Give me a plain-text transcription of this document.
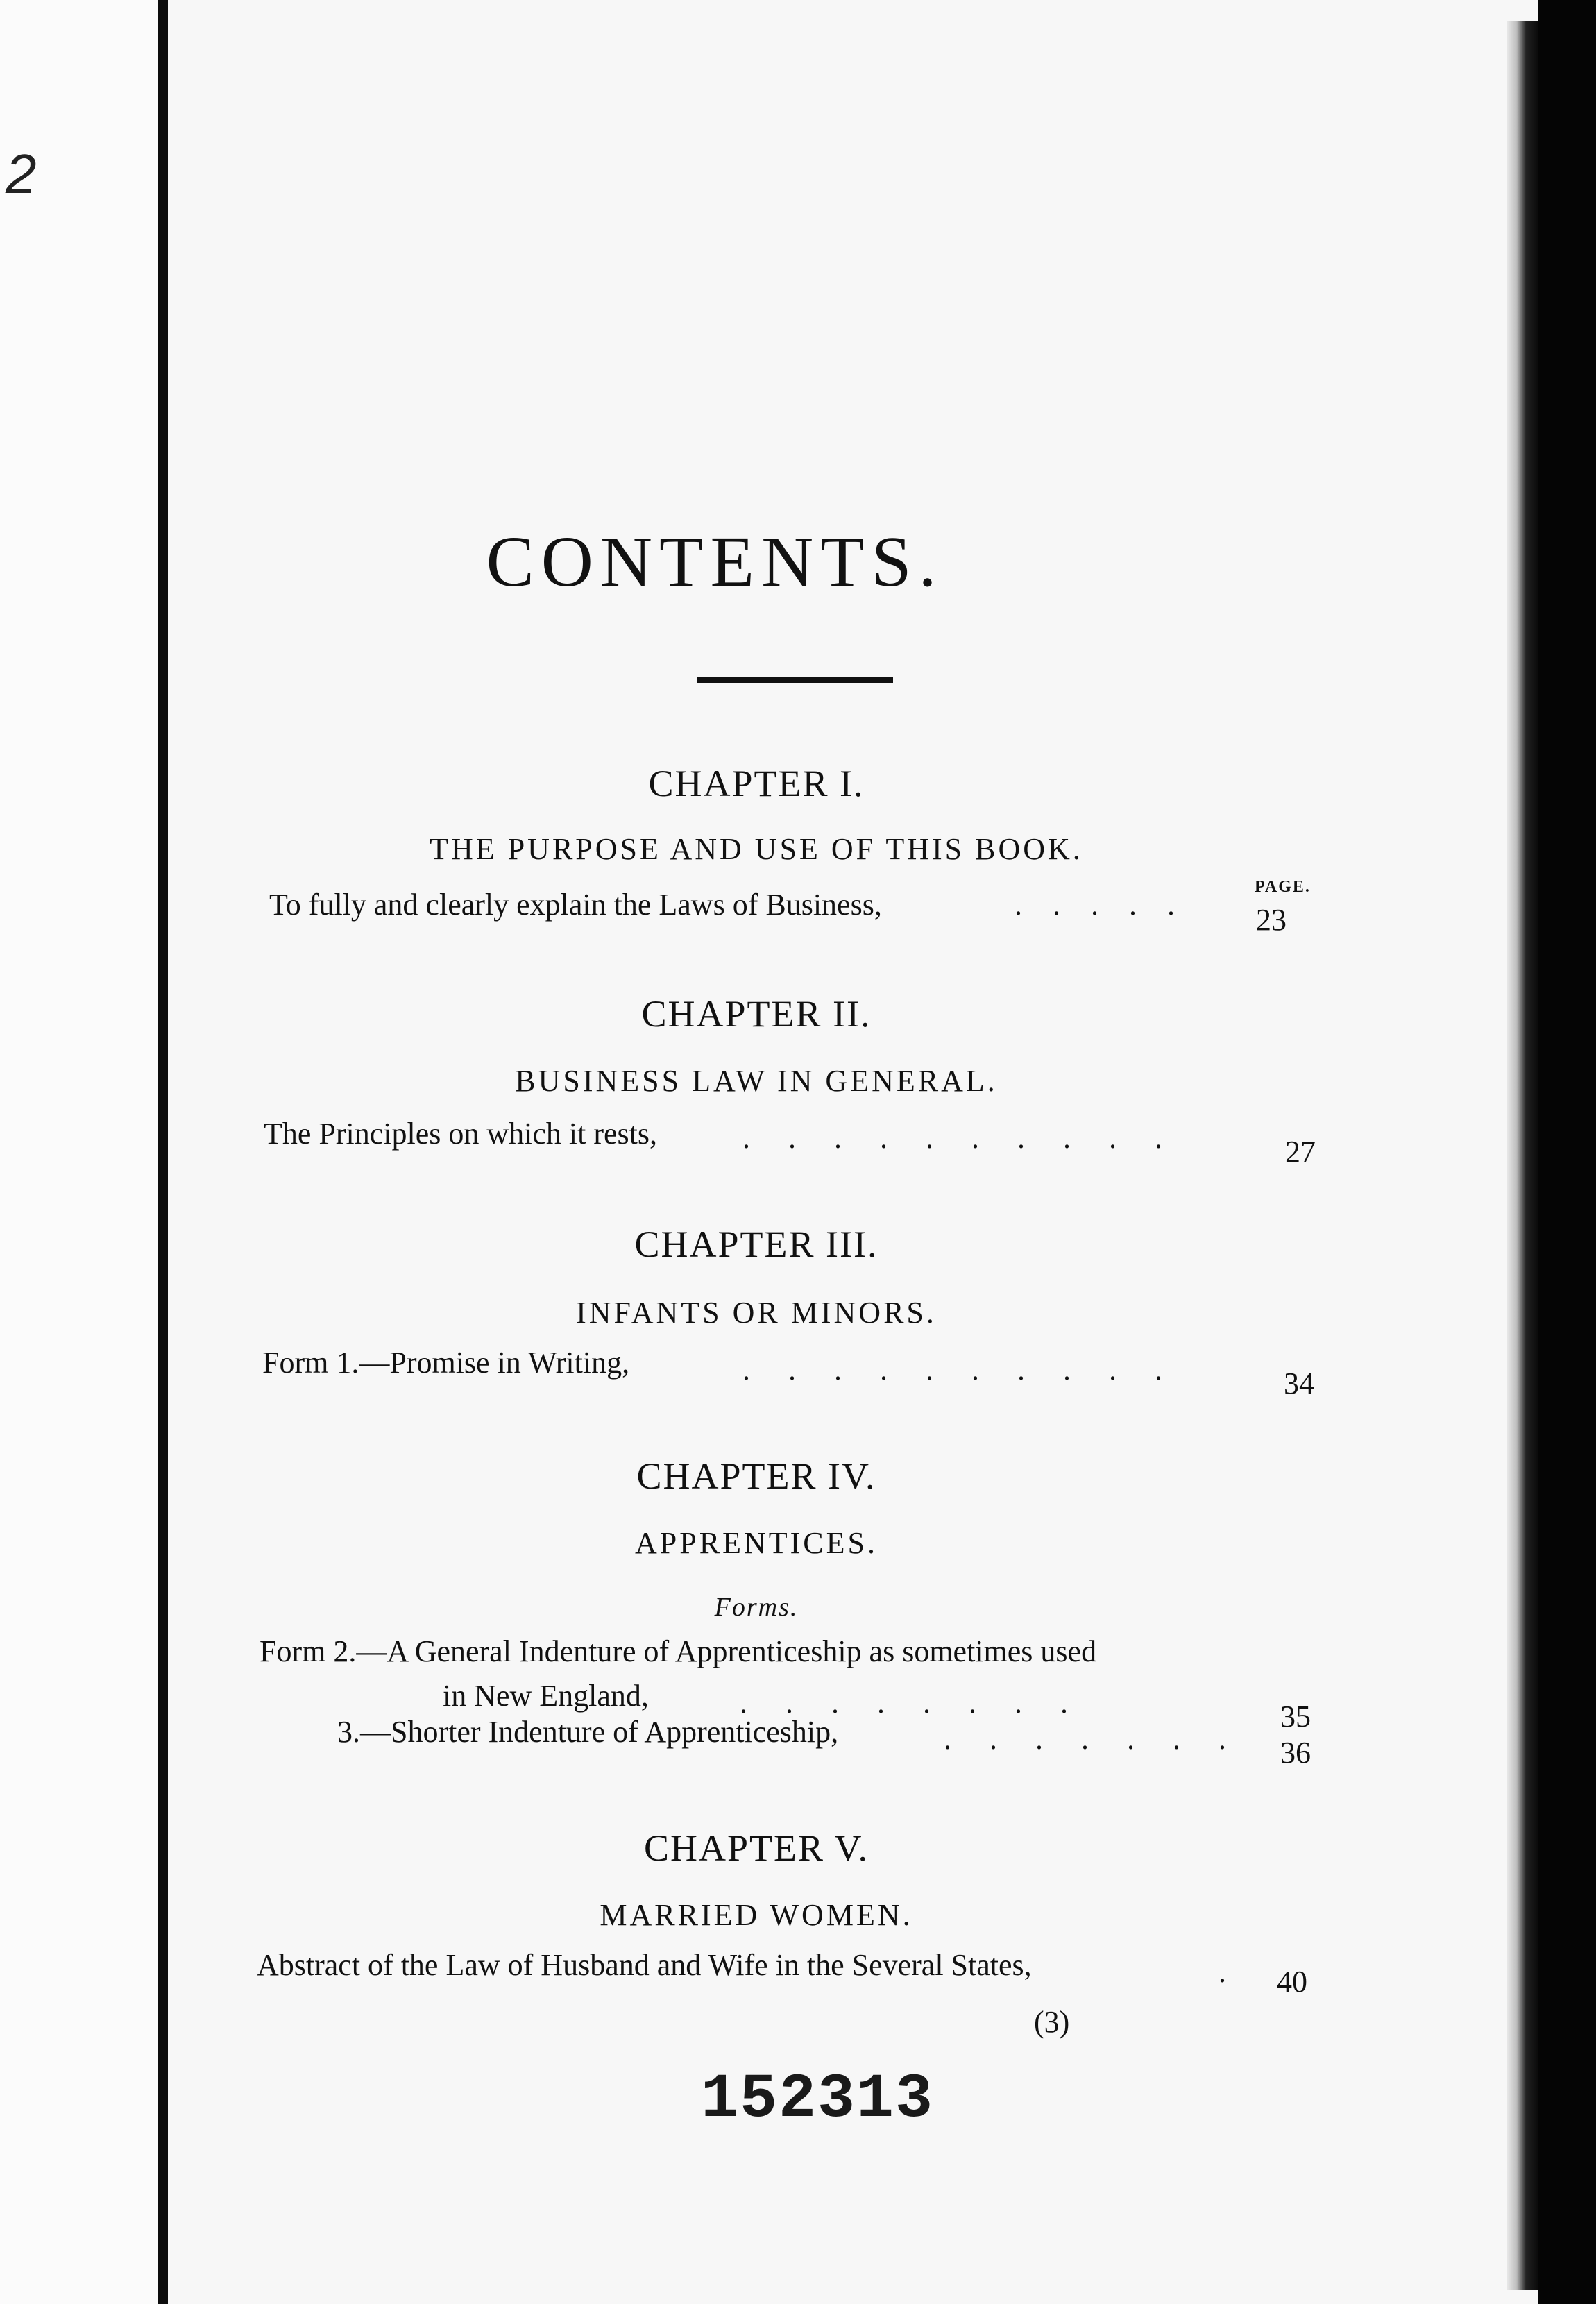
2
CONTENTS.
CHAPTER I.
THE PURPOSE AND USE OF THIS BOOK.
PAGE.
To fully and clearly explain the Laws of Business,	.    .    .    .    .	23
CHAPTER II.
BUSINESS LAW IN GENERAL.
The Principles on which it rests,	.     .     .     .     .     .     .     .     .     .	27
CHAPTER III.
INFANTS OR MINORS.
Form 1.—Promise in Writing,	.     .     .     .     .     .     .     .     .     .	34
CHAPTER IV.
APPRENTICES.
Forms.
Form 2.—A General Indenture of Apprenticeship as sometimes used
in New England,	.     .     .     .     .     .     .     .	35
3.—Shorter Indenture of Apprenticeship,	.     .     .     .     .     .     . 36
CHAPTER V.
MARRIED WOMEN.
Abstract of the Law of Husband and Wife in the Several States,	. 40
(3)
152313
